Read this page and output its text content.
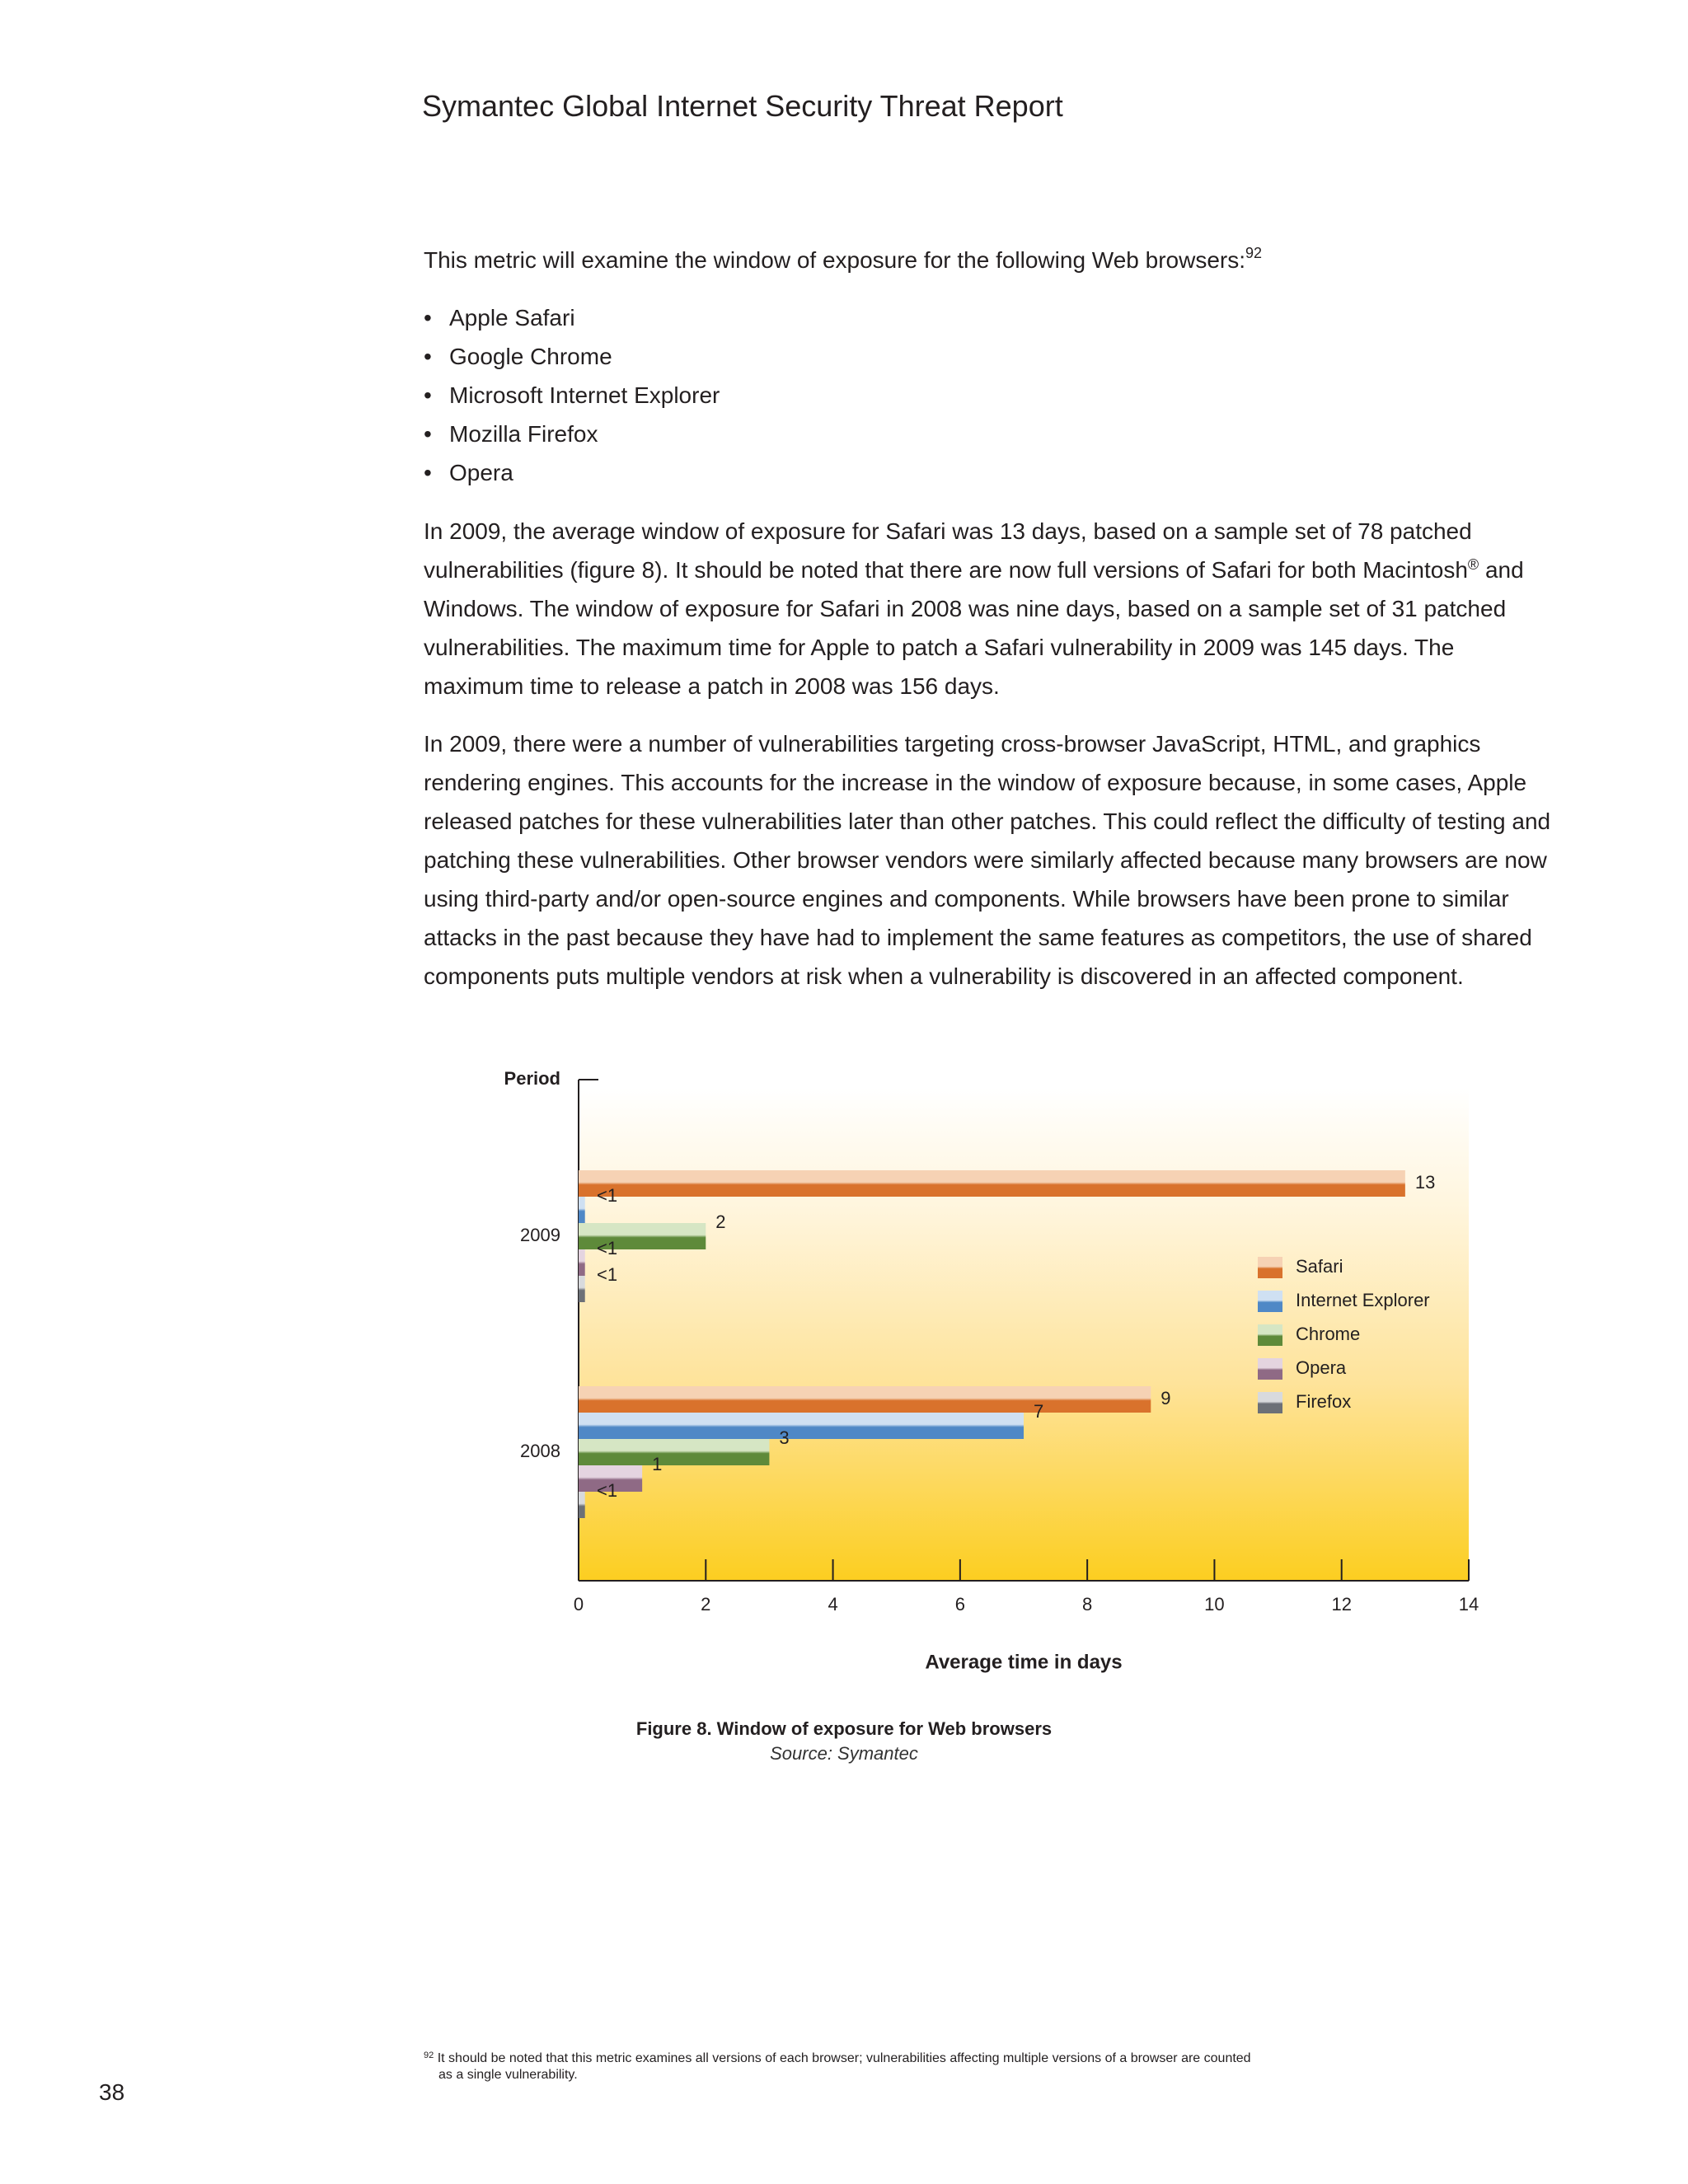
Symantec Global Internet Security Threat Report
This metric will examine the window of exposure for the following Web browsers:$^{92}$
• Apple Safari
• Google Chrome
• Microsoft Internet Explorer
• Mozilla Firefox
• Opera
In 2009, the average window of exposure for Safari was 13 days, based on a sample set of 78 patched vulnerabilities (figure 8). It should be noted that there are now full versions of Safari for both Macintosh® and Windows. The window of exposure for Safari in 2008 was nine days, based on a sample set of 31 patched vulnerabilities. The maximum time for Apple to patch a Safari vulnerability in 2009 was 145 days. The maximum time to release a patch in 2008 was 156 days.
In 2009, there were a number of vulnerabilities targeting cross-browser JavaScript, HTML, and graphics rendering engines. This accounts for the increase in the window of exposure because, in some cases, Apple released patches for these vulnerabilities later than other patches. This could reflect the difficulty of testing and patching these vulnerabilities. Other browser vendors were similarly affected because many browsers are now using third-party and/or open-source engines and components. While browsers have been prone to similar attacks in the past because they have had to implement the same features as competitors, the use of shared components puts multiple vendors at risk when a vulnerability is discovered in an affected component.
0	2	4	6	8	10	12	14
Period
Average time in days
2009
13
<1
2
<1
<1
2008
9
7
3
1
<1
Safari
Internet Explorer
Chrome
Opera
Firefox
Figure 8. Window of exposure for Web browsers
Source: Symantec
$^{92}$ It should be noted that this metric examines all versions of each browser; vulnerabilities affecting multiple versions of a browser are counted
as a single vulnerability.
38
